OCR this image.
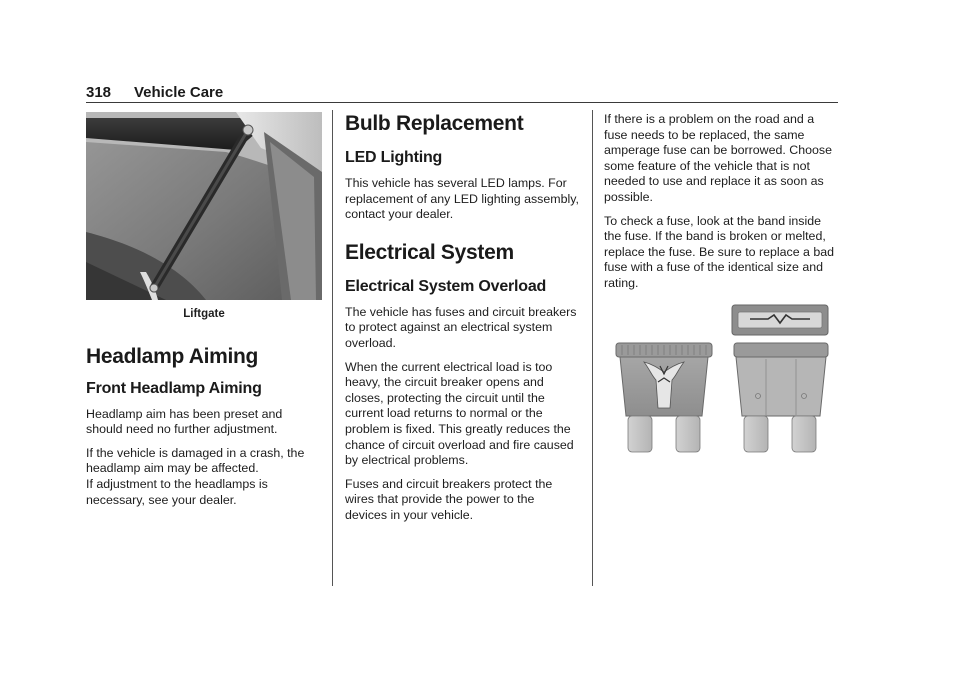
318 Vehicle Care
Liftgate
Headlamp Aiming
Front Headlamp Aiming

Headlamp aim has been preset and should need no further adjustment.

If the vehicle is damaged in a crash, the headlamp aim may be affected.

If adjustment to the headlamps is necessary, see your dealer.

Bulb Replacement
LED Lighting

This vehicle has several LED lamps. For replacement of any LED lighting assembly, contact your dealer.

Electrical System
Electrical System Overload

The vehicle has fuses and circuit breakers to protect against an electrical system overload.

When the current electrical load is too heavy, the circuit breaker opens and closes, protecting the circuit until the current load returns to normal or the problem is fixed. This greatly reduces the chance of circuit overload and fire caused by electrical problems.

Fuses and circuit breakers protect the wires that provide the power to the devices in your vehicle.

If there is a problem on the road and a fuse needs to be replaced, the same amperage fuse can be borrowed. Choose some feature of the vehicle that is not needed to use and replace it as soon as possible.

To check a fuse, look at the band inside the fuse. If the band is broken or melted, replace the fuse. Be sure to replace a bad fuse with a fuse of the identical size and rating.
